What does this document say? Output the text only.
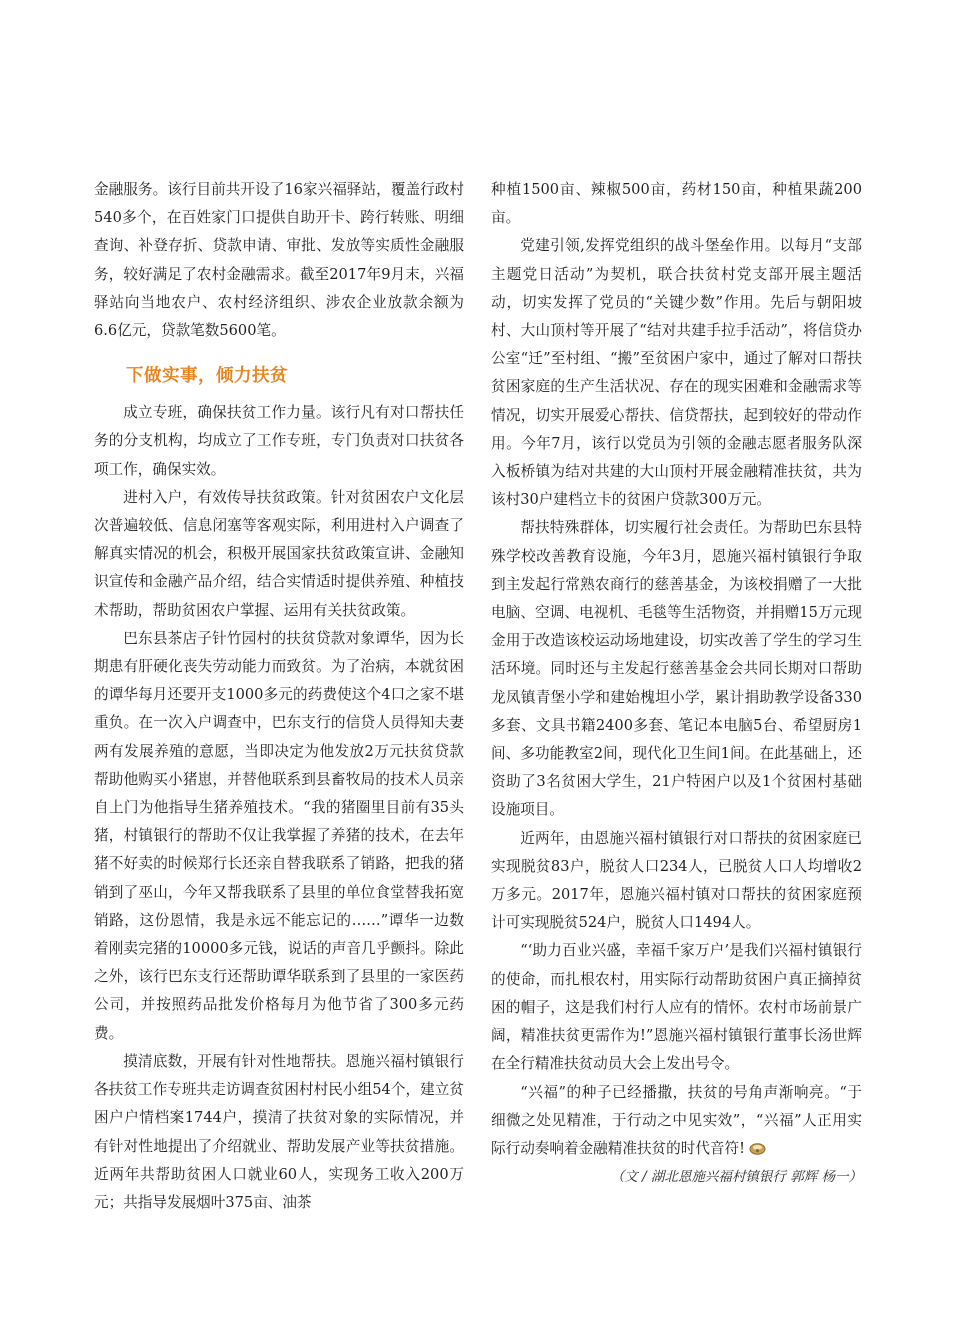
金融服务。该行目前共开设了16家兴福驿站，覆盖行政村540多个，在百姓家门口提供自助开卡、跨行转账、明细查询、补登存折、贷款申请、审批、发放等实质性金融服务，较好满足了农村金融需求。截至2017年9月末，兴福驿站向当地农户、农村经济组织、涉农企业放款余额为6.6亿元，贷款笔数5600笔。

下做实事，倾力扶贫

成立专班，确保扶贫工作力量。该行凡有对口帮扶任务的分支机构，均成立了工作专班，专门负责对口扶贫各项工作，确保实效。

进村入户，有效传导扶贫政策。针对贫困农户文化层次普遍较低、信息闭塞等客观实际，利用进村入户调查了解真实情况的机会，积极开展国家扶贫政策宣讲、金融知识宣传和金融产品介绍，结合实情适时提供养殖、种植技术帮助，帮助贫困农户掌握、运用有关扶贫政策。

巴东县茶店子针竹园村的扶贫贷款对象谭华，因为长期患有肝硬化丧失劳动能力而致贫。为了治病，本就贫困的谭华每月还要开支1000多元的药费使这个4口之家不堪重负。在一次入户调查中，巴东支行的信贷人员得知夫妻两有发展养殖的意愿，当即决定为他发放2万元扶贫贷款帮助他购买小猪崽，并替他联系到县畜牧局的技术人员亲自上门为他指导生猪养殖技术。“我的猪圈里目前有35头猪，村镇银行的帮助不仅让我掌握了养猪的技术，在去年猪不好卖的时候郑行长还亲自替我联系了销路，把我的猪销到了巫山，今年又帮我联系了县里的单位食堂替我拓宽销路，这份恩情，我是永远不能忘记的……”谭华一边数着刚卖完猪的10000多元钱，说话的声音几乎颤抖。除此之外，该行巴东支行还帮助谭华联系到了县里的一家医药公司，并按照药品批发价格每月为他节省了300多元药费。

摸清底数，开展有针对性地帮扶。恩施兴福村镇银行各扶贫工作专班共走访调查贫困村村民小组54个，建立贫困户户情档案1744户，摸清了扶贫对象的实际情况，并有针对性地提出了介绍就业、帮助发展产业等扶贫措施。近两年共帮助贫困人口就业60人，实现务工收入200万元；共指导发展烟叶375亩、油茶

种植1500亩、辣椒500亩，药材150亩，种植果蔬200亩。

党建引领,发挥党组织的战斗堡垒作用。以每月“支部主题党日活动”为契机，联合扶贫村党支部开展主题活动，切实发挥了党员的“关键少数”作用。先后与朝阳坡村、大山顶村等开展了“结对共建手拉手活动”，将信贷办公室“迁”至村组、“搬”至贫困户家中，通过了解对口帮扶贫困家庭的生产生活状况、存在的现实困难和金融需求等情况，切实开展爱心帮扶、信贷帮扶，起到较好的带动作用。今年7月，该行以党员为引领的金融志愿者服务队深入板桥镇为结对共建的大山顶村开展金融精准扶贫，共为该村30户建档立卡的贫困户贷款300万元。

帮扶特殊群体，切实履行社会责任。为帮助巴东县特殊学校改善教育设施，今年3月，恩施兴福村镇银行争取到主发起行常熟农商行的慈善基金，为该校捐赠了一大批电脑、空调、电视机、毛毯等生活物资，并捐赠15万元现金用于改造该校运动场地建设，切实改善了学生的学习生活环境。同时还与主发起行慈善基金会共同长期对口帮助龙凤镇青堡小学和建始槐坦小学，累计捐助教学设备330多套、文具书籍2400多套、笔记本电脑5台、希望厨房1间、多功能教室2间，现代化卫生间1间。在此基础上，还资助了3名贫困大学生，21户特困户以及1个贫困村基础设施项目。

近两年，由恩施兴福村镇银行对口帮扶的贫困家庭已实现脱贫83户，脱贫人口234人，已脱贫人口人均增收2万多元。2017年，恩施兴福村镇对口帮扶的贫困家庭预计可实现脱贫524户，脱贫人口1494人。

“‘助力百业兴盛，幸福千家万户’是我们兴福村镇银行的使命，而扎根农村，用实际行动帮助贫困户真正摘掉贫困的帽子，这是我们村行人应有的情怀。农村市场前景广阔，精准扶贫更需作为!”恩施兴福村镇银行董事长汤世辉在全行精准扶贫动员大会上发出号令。

“兴福”的种子已经播撒，扶贫的号角声渐响亮。“于细微之处见精准，于行动之中见实效”，“兴福”人正用实际行动奏响着金融精准扶贫的时代音符!

（文 / 湖北恩施兴福村镇银行 郭辉 杨一）
